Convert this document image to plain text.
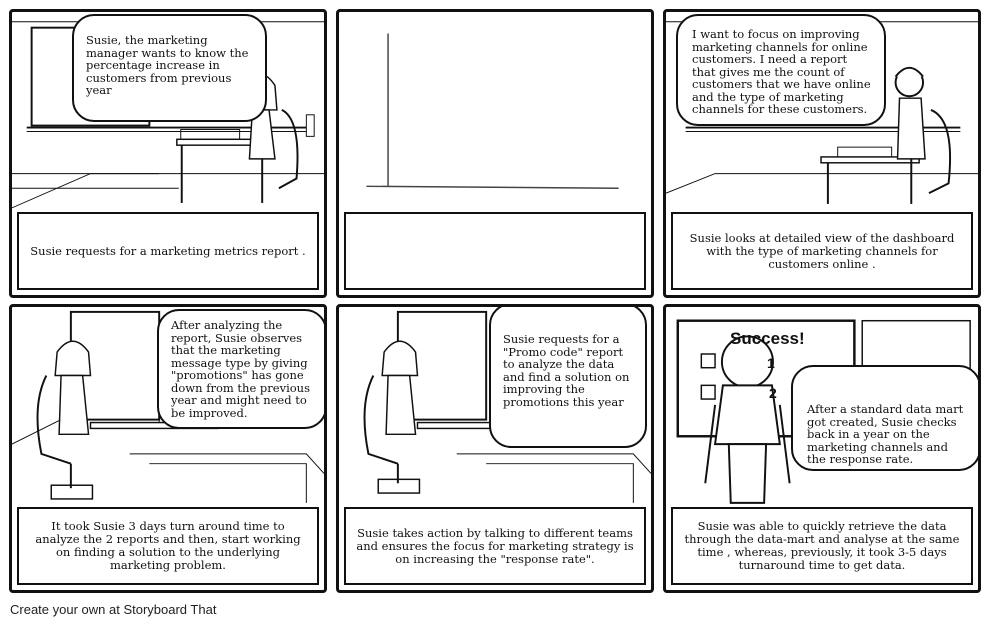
Susie, the marketing manager wants to know the percentage increase in customers from previous year
Susie requests for a marketing metrics report .
I want to focus on improving marketing channels for online customers. I need a report that gives me the count of customers that we have online and the type of marketing channels for these customers.
Susie looks at detailed view of the dashboard with the type of marketing channels for customers online .
After analyzing the report, Susie observes that the marketing message type by giving "promotions" has gone down from the previous year and might need to be improved.
It took Susie 3 days turn around time to analyze the 2 reports and then, start working on finding a solution to the underlying marketing problem.
Susie requests for a "Promo code" report to analyze the data and find a solution on improving the promotions this year
Susie takes action by talking to different teams and ensures the focus for marketing strategy is on increasing the "response rate".
Success!
1
2
After a standard data mart got created, Susie checks back in a year on the marketing channels and the response rate.
Susie was able to quickly retrieve the data through the data-mart and analyse at the same time , whereas, previously, it took 3-5 days turnaround time to get data.
Create your own at Storyboard That
